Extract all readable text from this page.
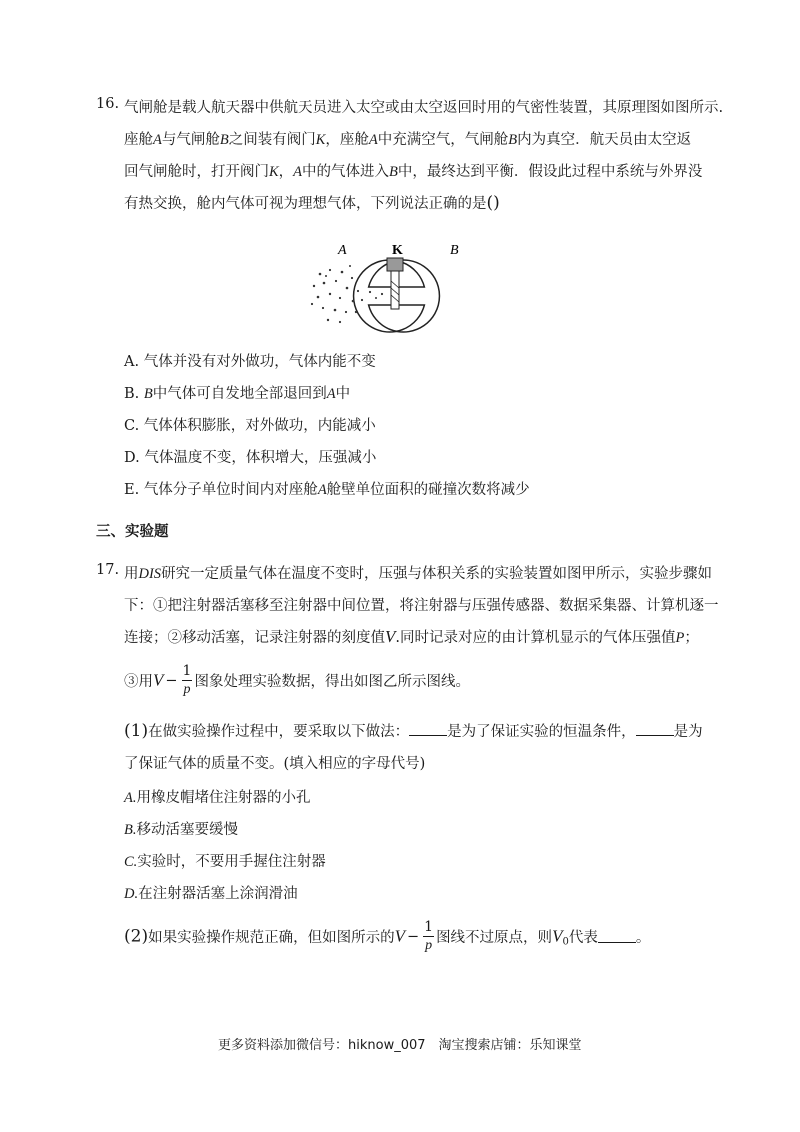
16. 气闸舱是载人航天器中供航天员进入太空或由太空返回时用的气密性装置，其原理图如图所示.
座舱A与气闸舱B之间装有阀门K，座舱A中充满空气，气闸舱B内为真空．航天员由太空返
回气闸舱时，打开阀门K，A中的气体进入B中，最终达到平衡．假设此过程中系统与外界没
有热交换，舱内气体可视为理想气体，下列说法正确的是()
A	K	B
A. 气体并没有对外做功，气体内能不变
B. B中气体可自发地全部退回到A中
C. 气体体积膨胀，对外做功，内能减小
D. 气体温度不变，体积增大，压强减小
E. 气体分子单位时间内对座舱A舱壁单位面积的碰撞次数将减少
三、实验题
17. 用DIS研究一定质量气体在温度不变时，压强与体积关系的实验装置如图甲所示，实验步骤如
下：①把注射器活塞移至注射器中间位置，将注射器与压强传感器、数据采集器、计算机逐一
连接；②移动活塞，记录注射器的刻度值V.同时记录对应的由计算机显示的气体压强值P；
③用$V - \frac{1}{p}$ 图象处理实验数据，得出如图乙所示图线。
(1)在做实验操作过程中，要采取以下做法：	是为了保证实验的恒温条件，	是为
了保证气体的质量不变。(填入相应的字母代号)
A.用橡皮帽堵住注射器的小孔
B.移动活塞要缓慢
C.实验时，不要用手握住注射器
D.在注射器活塞上涂润滑油
(2)如果实验操作规范正确，但如图所示的$V - \frac{1}{p}$ 图线不过原点，则$V_0$代表	。
更多资料添加微信号：hiknow_007　淘宝搜索店铺：乐知课堂
